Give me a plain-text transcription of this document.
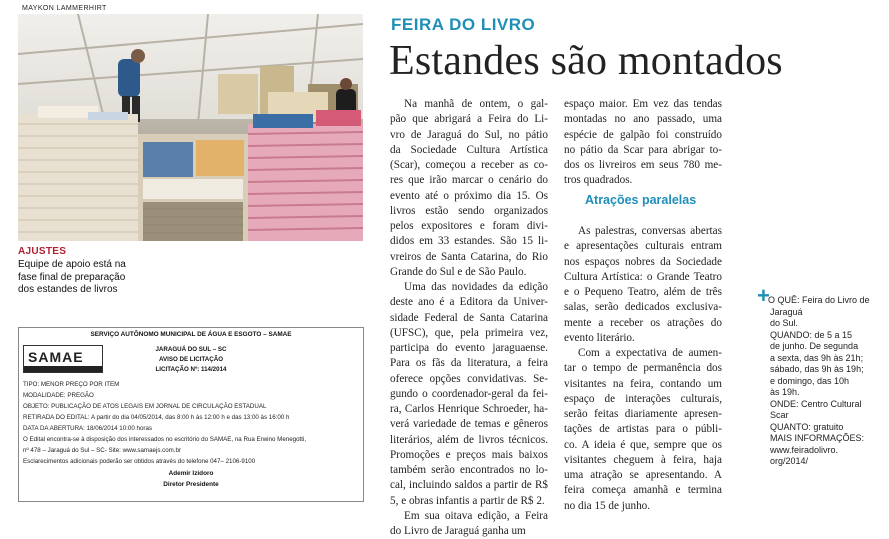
MAYKON LAMMERHIRT
AJUSTES
Equipe de apoio está na
fase final de preparação
dos estandes de livros
SERVIÇO AUTÔNOMO MUNICIPAL DE ÁGUA E ESGOTO – SAMAE
SAMAE	JARAGUÁ DO SUL – SC
AVISO DE LICITAÇÃO
LICITAÇÃO Nº: 114/2014
TIPO: MENOR PREÇO POR ITEM
MODALIDADE: PREGÃO
OBJETO: PUBLICAÇÃO DE ATOS LEGAIS EM JORNAL DE CIRCULAÇÃO ESTADUAL
RETIRADA DO EDITAL: A partir do dia 04/05/2014, das 8:00 h às 12:00 h e das 13:00 às 16:00 h
DATA DA ABERTURA: 18/06/2014 10:00 horas
O Edital encontra-se à disposição dos interessados no escritório do SAMAE, na Rua Erwino Menegotti,
nº 478 – Jaraguá do Sul – SC- Site: www.samaejs.com.br
Esclarecimentos adicionais poderão ser obtidos através do telefone 047– 2106-9100
Ademir Izidoro
Diretor Presidente
FEIRA DO LIVRO
Estandes são montados
Na manhã de ontem, o gal-
pão que abrigará a Feira do Li-
vro de Jaraguá do Sul, no pátio
da Sociedade Cultura Artística
(Scar), começou a receber as co-
res que irão marcar o cenário do
evento até o próximo dia 15. Os
livros estão sendo organizados
pelos expositores e foram divi-
didos em 33 estandes. São 15 li-
vreiros de Santa Catarina, do Rio
Grande do Sul e de São Paulo.
Uma das novidades da edição
deste ano é a Editora da Univer-
sidade Federal de Santa Catarina
(UFSC), que, pela primeira vez,
participa do evento jaraguaense.
Para os fãs da literatura, a feira
oferece opções convidativas. Se-
gundo o coordenador-geral da fei-
ra, Carlos Henrique Schroeder, ha-
verá variedade de temas e gêneros
literários, além de livros técnicos.
Promoções e preços mais baixos
também serão encontrados no lo-
cal, incluindo saldos a partir de R$
5, e obras infantis a partir de R$ 2.
Em sua oitava edição, a Feira
do Livro de Jaraguá ganha um
espaço maior. Em vez das tendas
montadas no ano passado, uma
espécie de galpão foi construído
no pátio da Scar para abrigar to-
dos os livreiros em seus 780 me-
tros quadrados.
Atrações paralelas
As palestras, conversas abertas
e apresentações culturais entram
nos espaços nobres da Sociedade
Cultura Artística: o Grande Teatro
e o Pequeno Teatro, além de três
salas, serão dedicados exclusiva-
mente a receber os atrações do
evento literário.
Com a expectativa de aumen-
tar o tempo de permanência dos
visitantes na feira, contando um
espaço de interações culturais,
serão feitas diariamente apresen-
tações de artistas para o públi-
co. A ideia é que, sempre que os
visitantes cheguem à feira, haja
uma atração se apresentando. A
feira começa amanhã e termina
no dia 15 de junho.
+
O QUÊ: Feira do Livro de
Jaraguá
do Sul.
QUANDO: de 5 a 15
de junho. De segunda
a sexta, das 9h às 21h;
sábado, das 9h às 19h;
e domingo, das 10h
às 19h.
ONDE: Centro Cultural
Scar
QUANTO: gratuito
MAIS INFORMAÇÕES:
www.feiradolivro.
org/2014/
